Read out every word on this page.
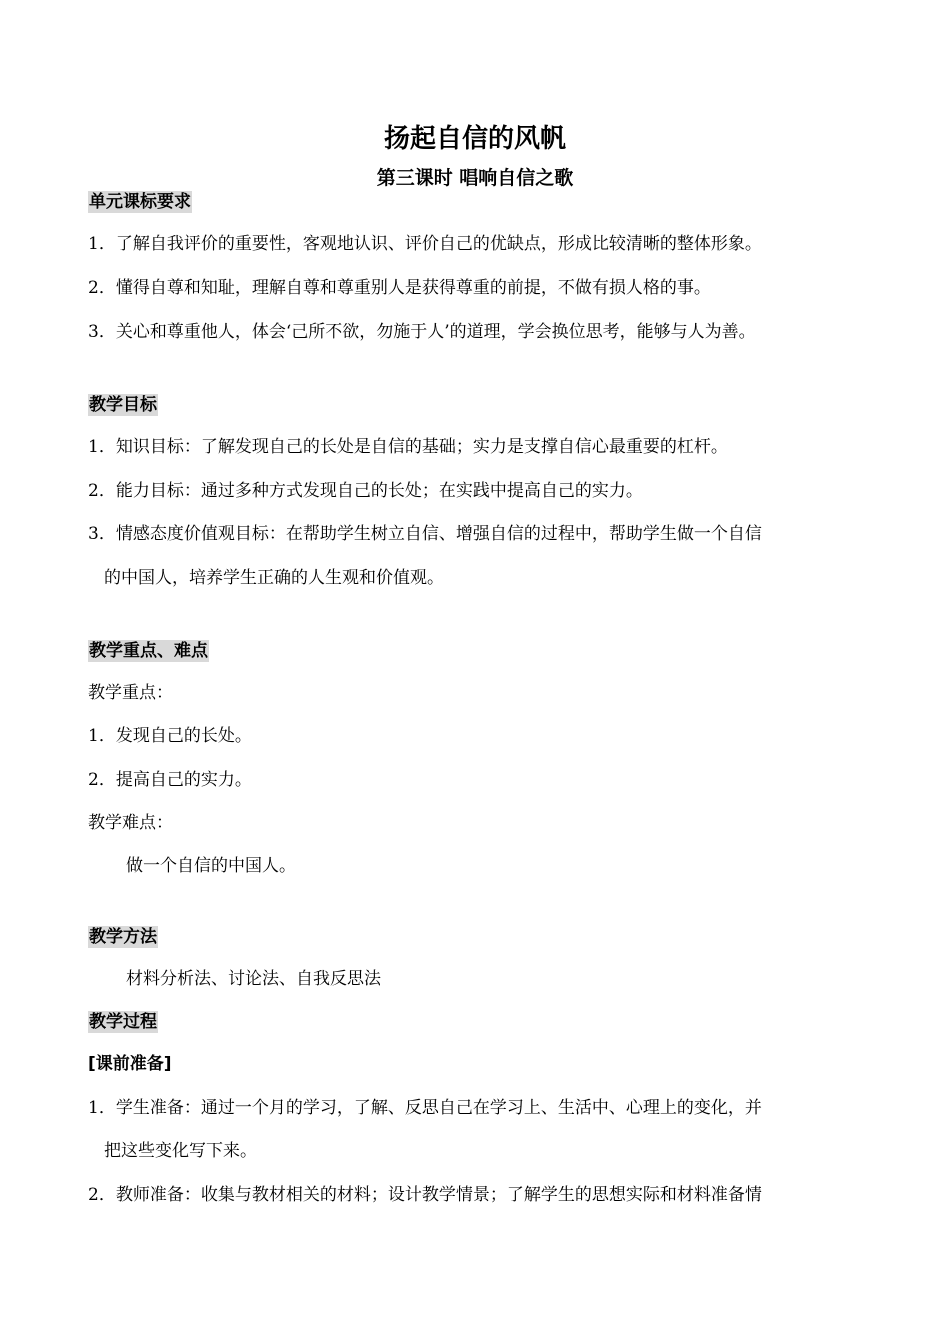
扬起自信的风帆
第三课时 唱响自信之歌
单元课标要求
1．了解自我评价的重要性，客观地认识、评价自己的优缺点，形成比较清晰的整体形象。
2．懂得自尊和知耻，理解自尊和尊重别人是获得尊重的前提，不做有损人格的事。
3．关心和尊重他人，体会‘己所不欲，勿施于人’的道理，学会换位思考，能够与人为善。
教学目标
1．知识目标：了解发现自己的长处是自信的基础；实力是支撑自信心最重要的杠杆。
2．能力目标：通过多种方式发现自己的长处；在实践中提高自己的实力。
3．情感态度价值观目标：在帮助学生树立自信、增强自信的过程中，帮助学生做一个自信
的中国人，培养学生正确的人生观和价值观。
教学重点、难点
教学重点：
1．发现自己的长处。
2．提高自己的实力。
教学难点：
做一个自信的中国人。
教学方法
材料分析法、讨论法、自我反思法
教学过程
[课前准备]
1．学生准备：通过一个月的学习，了解、反思自己在学习上、生活中、心理上的变化，并
把这些变化写下来。
2．教师准备：收集与教材相关的材料；设计教学情景；了解学生的思想实际和材料准备情
